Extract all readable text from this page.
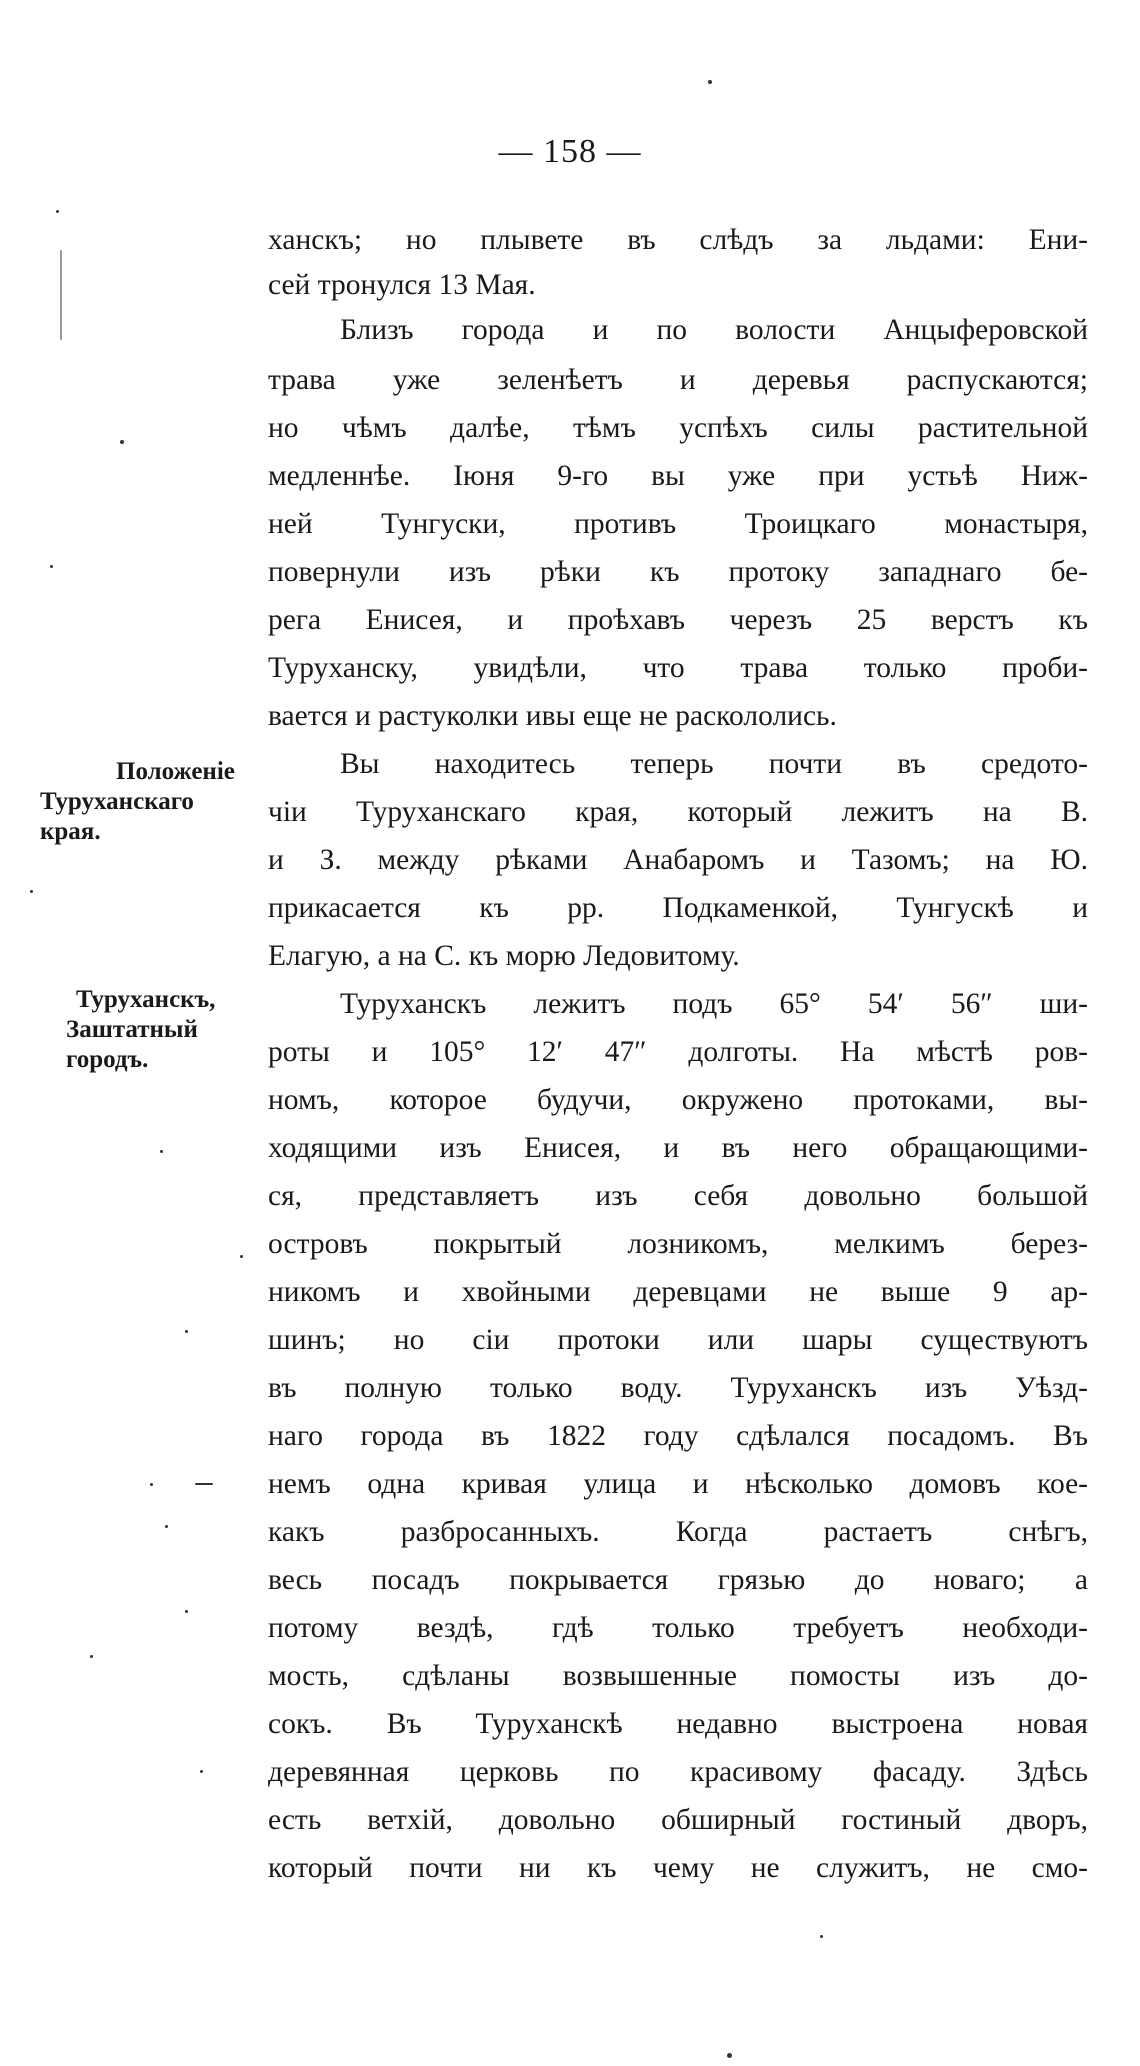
— 158 —
Положеніе
Туруханскаго
края.
Туруханскъ,
Заштатный
городъ.
ханскъ; но плывете въ слѣдъ за льдами: Ени-
сей тронулся 13 Мая.
Близъ города и по волости Анцыферовской
трава уже зеленѣетъ и деревья распускаются;
но чѣмъ далѣе, тѣмъ успѣхъ силы растительной
медленнѣе. Іюня 9-го вы уже при устьѣ Ниж-
ней Тунгуски, противъ Троицкаго монастыря,
повернули изъ рѣки къ протоку западнаго бе-
рега Енисея, и проѣхавъ черезъ 25 верстъ къ
Туруханску, увидѣли, что трава только проби-
вается и растуколки ивы еще не раскололись.
Вы находитесь теперь почти въ средото-
чіи Туруханскаго края, который лежитъ на В.
и З. между рѣками Анабаромъ и Тазомъ; на Ю.
прикасается къ рр. Подкаменкой, Тунгускѣ и
Елагую, а на С. къ морю Ледовитому.
Туруханскъ лежитъ подъ 65° 54′ 56″ ши-
роты и 105° 12′ 47″ долготы. На мѣстѣ ров-
номъ, которое будучи, окружено протоками, вы-
ходящими изъ Енисея, и въ него обращающими-
ся, представляетъ изъ себя довольно большой
островъ покрытый лозникомъ, мелкимъ берез-
никомъ и хвойными деревцами не выше 9 ар-
шинъ; но сіи протоки или шары существуютъ
въ полную только воду. Туруханскъ изъ Уѣзд-
наго города въ 1822 году сдѣлался посадомъ. Въ
немъ одна кривая улица и нѣсколько домовъ кое-
какъ разбросанныхъ. Когда растаетъ снѣгъ,
весь посадъ покрывается грязью до новаго; а
потому вездѣ, гдѣ только требуетъ необходи-
мость, сдѣланы возвышенные помосты изъ до-
сокъ. Въ Туруханскѣ недавно выстроена новая
деревянная церковь по красивому фасаду. Здѣсь
есть ветхій, довольно обширный гостиный дворъ,
который почти ни къ чему не служитъ, не смо-
